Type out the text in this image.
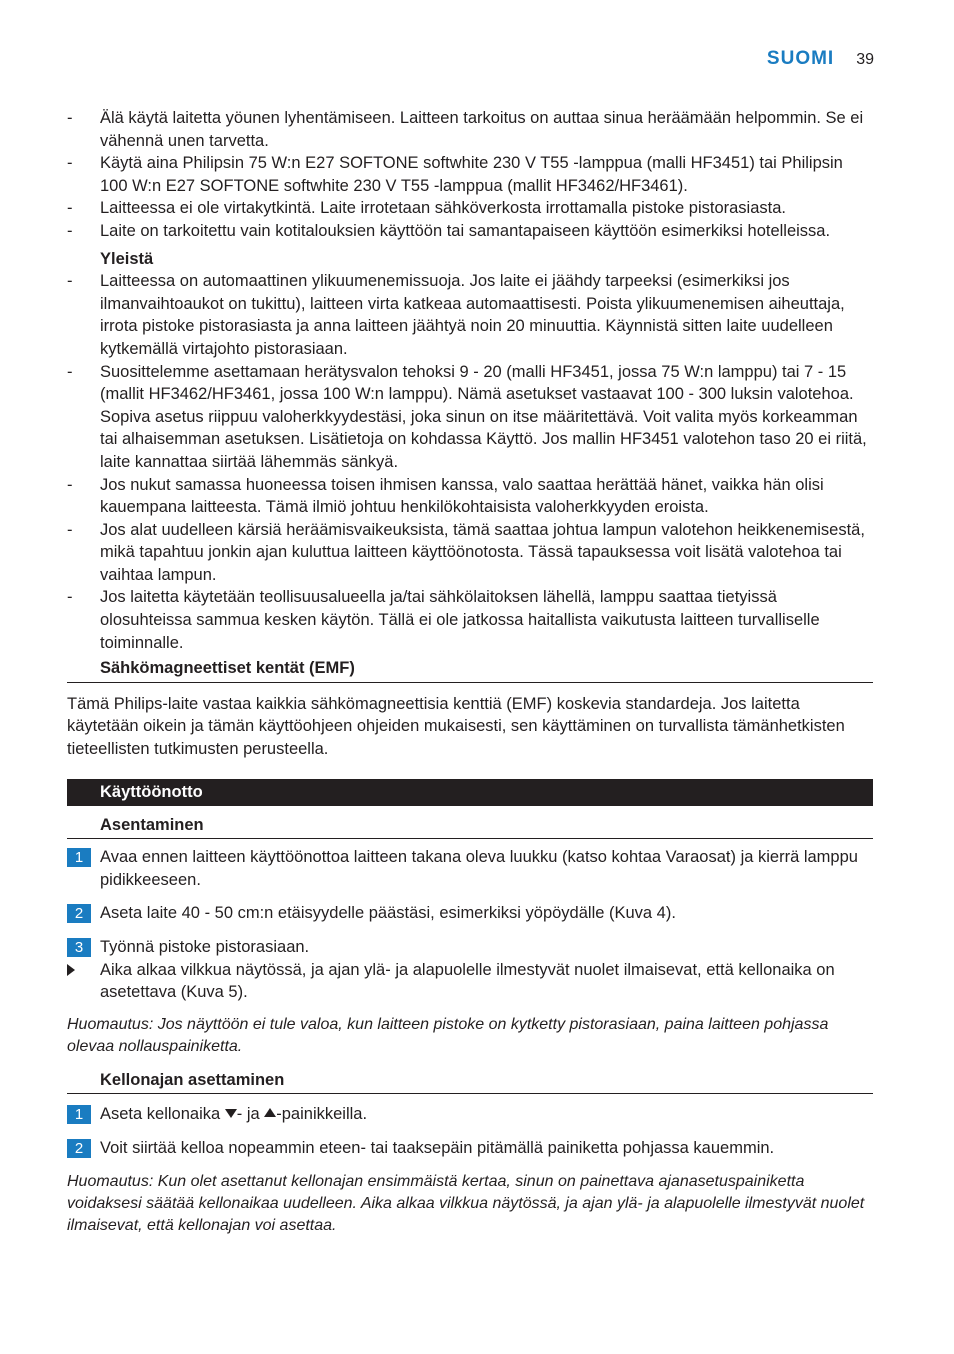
SUOMI 39
- Älä käytä laitetta yöunen lyhentämiseen. Laitteen tarkoitus on auttaa sinua heräämään helpommin. Se ei vähennä unen tarvetta.
- Käytä aina Philipsin 75 W:n E27 SOFTONE softwhite 230 V T55 -lamppua (malli HF3451) tai Philipsin 100 W:n E27 SOFTONE softwhite 230 V T55 -lamppua (mallit HF3462/HF3461).
- Laitteessa ei ole virtakytkintä. Laite irrotetaan sähköverkosta irrottamalla pistoke pistorasiasta.
- Laite on tarkoitettu vain kotitalouksien käyttöön tai samantapaiseen käyttöön esimerkiksi hotelleissa.
Yleistä
- Laitteessa on automaattinen ylikuumenemissuoja. Jos laite ei jäähdy tarpeeksi (esimerkiksi jos ilmanvaihtoaukot on tukittu), laitteen virta katkeaa automaattisesti. Poista ylikuumenemisen aiheuttaja, irrota pistoke pistorasiasta ja anna laitteen jäähtyä noin 20 minuuttia. Käynnistä sitten laite uudelleen kytkemällä virtajohto pistorasiaan.
- Suosittelemme asettamaan herätysvalon tehoksi 9 - 20 (malli HF3451, jossa 75 W:n lamppu) tai 7 - 15 (mallit HF3462/HF3461, jossa 100 W:n lamppu). Nämä asetukset vastaavat 100 - 300 luksin valotehoa. Sopiva asetus riippuu valoherkkyydestäsi, joka sinun on itse määritettävä. Voit valita myös korkeamman tai alhaisemman asetuksen. Lisätietoja on kohdassa Käyttö. Jos mallin HF3451 valotehon taso 20 ei riitä, laite kannattaa siirtää lähemmäs sänkyä.
- Jos nukut samassa huoneessa toisen ihmisen kanssa, valo saattaa herättää hänet, vaikka hän olisi kauempana laitteesta. Tämä ilmiö johtuu henkilökohtaisista valoherkkyyden eroista.
- Jos alat uudelleen kärsiä heräämisvaikeuksista, tämä saattaa johtua lampun valotehon heikkenemisestä, mikä tapahtuu jonkin ajan kuluttua laitteen käyttöönotosta. Tässä tapauksessa voit lisätä valotehoa tai vaihtaa lampun.
- Jos laitetta käytetään teollisuusalueella ja/tai sähkölaitoksen lähellä, lamppu saattaa tietyissä olosuhteissa sammua kesken käytön. Tällä ei ole jatkossa haitallista vaikutusta laitteen turvalliselle toiminnalle.
Sähkömagneettiset kentät (EMF)
Tämä Philips-laite vastaa kaikkia sähkömagneettisia kenttiä (EMF) koskevia standardeja. Jos laitetta käytetään oikein ja tämän käyttöohjeen ohjeiden mukaisesti, sen käyttäminen on turvallista tämänhetkisten tieteellisten tutkimusten perusteella.
Käyttöönotto
Asentaminen
1	Avaa ennen laitteen käyttöönottoa laitteen takana oleva luukku (katso kohtaa Varaosat) ja kierrä lamppu pidikkeeseen.
2	Aseta laite 40 - 50 cm:n etäisyydelle päästäsi, esimerkiksi yöpöydälle (Kuva 4).
3	Työnnä pistoke pistorasiaan.
Aika alkaa vilkkua näytössä, ja ajan ylä- ja alapuolelle ilmestyvät nuolet ilmaisevat, että kellonaika on asetettava (Kuva 5).
Huomautus: Jos näyttöön ei tule valoa, kun laitteen pistoke on kytketty pistorasiaan, paina laitteen pohjassa olevaa nollauspainiketta.
Kellonajan asettaminen
1	Aseta kellonaika - ja -painikkeilla.
2	Voit siirtää kelloa nopeammin eteen- tai taaksepäin pitämällä painiketta pohjassa kauemmin.
Huomautus: Kun olet asettanut kellonajan ensimmäistä kertaa, sinun on painettava ajanasetuspainiketta voidaksesi säätää kellonaikaa uudelleen. Aika alkaa vilkkua näytössä, ja ajan ylä- ja alapuolelle ilmestyvät nuolet ilmaisevat, että kellonajan voi asettaa.
